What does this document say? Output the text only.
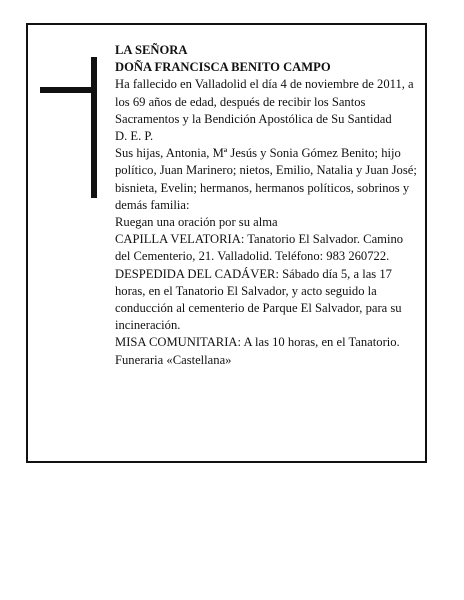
LA SEÑORA

DOÑA FRANCISCA BENITO CAMPO

Ha fallecido en Valladolid el día 4 de noviembre de 2011, a los 69 años de edad, después de recibir los Santos Sacramentos y la Bendición Apostólica de Su Santidad

D. E. P.

Sus hijas, Antonia, Mª Jesús y Sonia Gómez Benito; hijo político, Juan Marinero; nietos, Emilio, Natalia y Juan José; bisnieta, Evelin; hermanos, hermanos políticos, sobrinos y demás familia:

Ruegan una oración por su alma

CAPILLA VELATORIA: Tanatorio El Salvador. Camino del Cementerio, 21. Valladolid. Teléfono: 983 260722.

DESPEDIDA DEL CADÁVER: Sábado día 5, a las 17 horas, en el Tanatorio El Salvador, y acto seguido la conducción al cementerio de Parque El Salvador, para su incineración.

MISA COMUNITARIA: A las 10 horas, en el Tanatorio.

Funeraria «Castellana»
